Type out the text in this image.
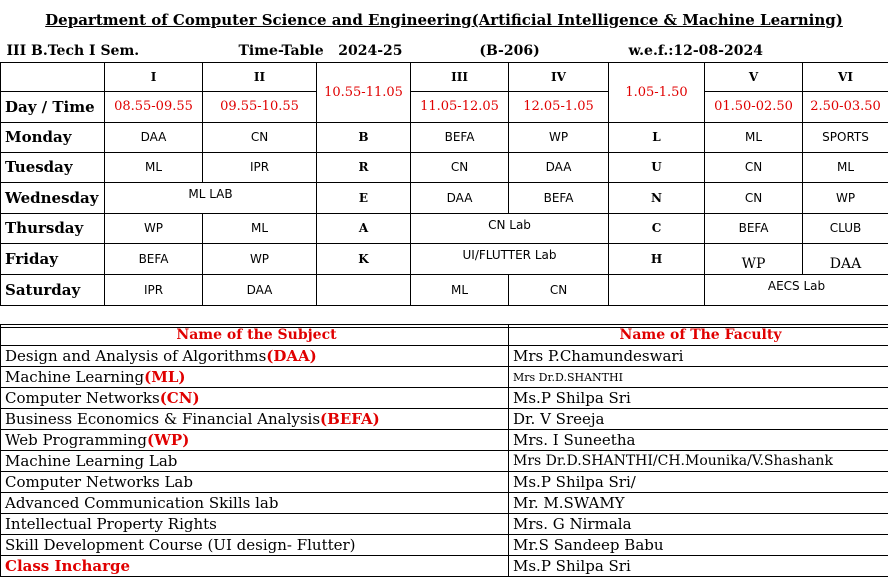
Department of Computer Science and Engineering(Artificial Intelligence & Machine Learning)
III B.Tech I Sem.		Time-Table 2024-25		(B-206)		w.e.f.:12-08-2024		
	I	II	10.55-11.05	III	IV	1.05-1.50	V	VI
Day / Time	08.55-09.55	09.55-10.55		11.05-12.05	12.05-1.05		01.50-02.50	2.50-03.50
Monday	DAA	CN	B	BEFA	WP	L	ML	SPORTS
Tuesday	ML	IPR	R	CN	DAA	U	CN	ML
Wednesday	ML LAB		E	DAA	BEFA	N	CN	WP
Thursday	WP	ML	A	CN Lab		C	BEFA	CLUB
Friday	BEFA	WP	K	UI/FLUTTER Lab		H	WP	DAA
Saturday	IPR	DAA		ML	CN		AECS Lab	

Name of the Subject	Name of The Faculty
Design and Analysis of Algorithms(DAA)	Mrs P.Chamundeswari
Machine Learning(ML)	Mrs Dr.D.SHANTHI
Computer Networks(CN)	Ms.P Shilpa Sri
Business Economics & Financial Analysis(BEFA)	Dr. V Sreeja
Web Programming(WP)	Mrs. I Suneetha
Machine Learning Lab	Mrs Dr.D.SHANTHI/CH.Mounika/V.Shashank
Computer Networks Lab	Ms.P Shilpa Sri/
Advanced Communication Skills lab	Mr. M.SWAMY
Intellectual Property Rights	Mrs. G Nirmala
Skill Development Course (UI design- Flutter)	Mr.S Sandeep Babu
Class Incharge	Ms.P Shilpa Sri
